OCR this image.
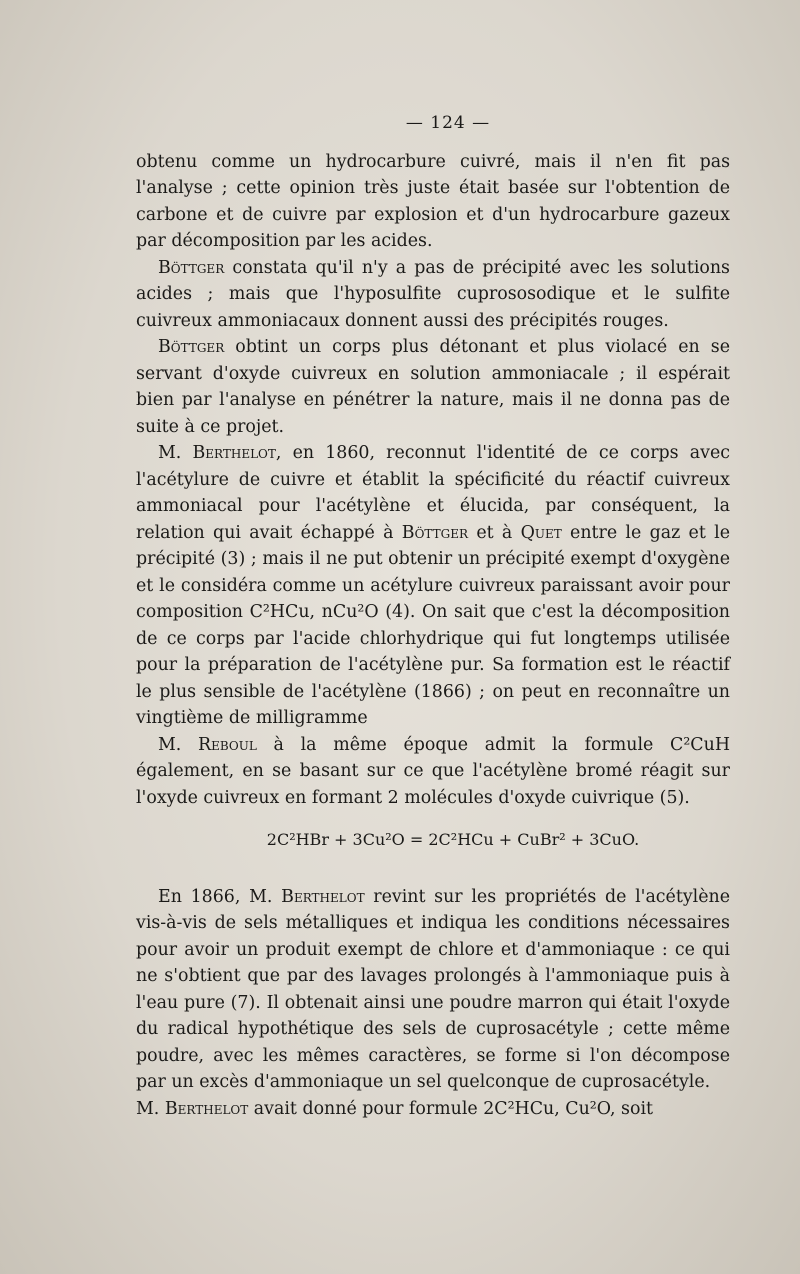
— 124 —

obtenu comme un hydrocarbure cuivré, mais il n'en fit pas l'analyse ; cette opinion très juste était basée sur l'obtention de carbone et de cuivre par explosion et d'un hydrocarbure gazeux par décomposition par les acides.

Böttger constata qu'il n'y a pas de précipité avec les solutions acides ; mais que l'hyposulfite cuprososodique et le sulfite cuivreux ammoniacaux donnent aussi des précipités rouges.

Böttger obtint un corps plus détonant et plus violacé en se servant d'oxyde cuivreux en solution ammoniacale ; il espérait bien par l'analyse en pénétrer la nature, mais il ne donna pas de suite à ce projet.

M. Berthelot, en 1860, reconnut l'identité de ce corps avec l'acétylure de cuivre et établit la spécificité du réactif cuivreux ammoniacal pour l'acétylène et élucida, par conséquent, la relation qui avait échappé à Böttger et à Quet entre le gaz et le précipité (3) ; mais il ne put obtenir un précipité exempt d'oxygène et le considéra comme un acétylure cuivreux paraissant avoir pour composition C²HCu, nCu²O (4). On sait que c'est la décomposition de ce corps par l'acide chlorhydrique qui fut longtemps utilisée pour la préparation de l'acétylène pur. Sa formation est le réactif le plus sensible de l'acétylène (1866) ; on peut en reconnaître un vingtième de milligramme

M. Reboul à la même époque admit la formule C²CuH également, en se basant sur ce que l'acétylène bromé réagit sur l'oxyde cuivreux en formant 2 molécules d'oxyde cuivrique (5).

2C²HBr + 3Cu²O = 2C²HCu + CuBr² + 3CuO.

En 1866, M. Berthelot revint sur les propriétés de l'acétylène vis-à-vis de sels métalliques et indiqua les conditions nécessaires pour avoir un produit exempt de chlore et d'ammoniaque : ce qui ne s'obtient que par des lavages prolongés à l'ammoniaque puis à l'eau pure (7). Il obtenait ainsi une poudre marron qui était l'oxyde du radical hypothétique des sels de cuprosacétyle ; cette même poudre, avec les mêmes caractères, se forme si l'on décompose par un excès d'ammoniaque un sel quelconque de cuprosacétyle.

M. Berthelot avait donné pour formule 2C²HCu, Cu²O, soit
